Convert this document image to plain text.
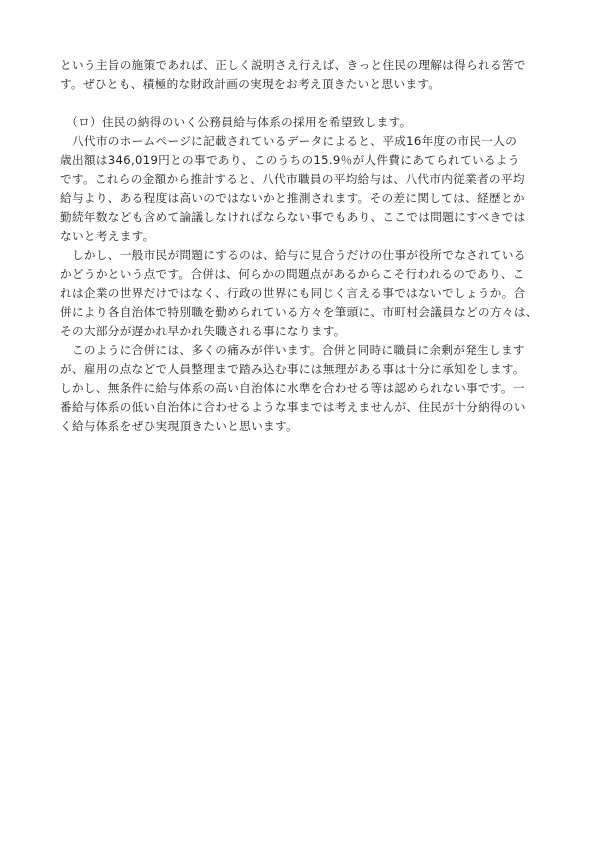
という主旨の施策であれば、正しく説明さえ行えば、きっと住民の理解は得られる筈で
す。ぜひとも、積極的な財政計画の実現をお考え頂きたいと思います。
　（ロ）住民の納得のいく公務員給与体系の採用を希望致します。
　八代市のホームページに記載されているデータによると、平成16年度の市民一人の
歳出額は346,019円との事であり、このうちの15.9％が人件費にあてられているよう
です。これらの金額から推計すると、八代市職員の平均給与は、八代市内従業者の平均
給与より、ある程度は高いのではないかと推測されます。その差に関しては、経歴とか
勤続年数なども含めて論議しなければならない事でもあり、ここでは問題にすべきでは
ないと考えます。
　しかし、一般市民が問題にするのは、給与に見合うだけの仕事が役所でなされている
かどうかという点です。合併は、何らかの問題点があるからこそ行われるのであり、こ
れは企業の世界だけではなく、行政の世界にも同じく言える事ではないでしょうか。合
併により各自治体で特別職を勤められている方々を筆頭に、市町村会議員などの方々は、
その大部分が遅かれ早かれ失職される事になります。
　このように合併には、多くの痛みが伴います。合併と同時に職員に余剰が発生します
が、雇用の点などで人員整理まで踏み込む事には無理がある事は十分に承知をします。
しかし、無条件に給与体系の高い自治体に水準を合わせる等は認められない事です。一
番給与体系の低い自治体に合わせるような事までは考えませんが、住民が十分納得のい
く給与体系をぜひ実現頂きたいと思います。
